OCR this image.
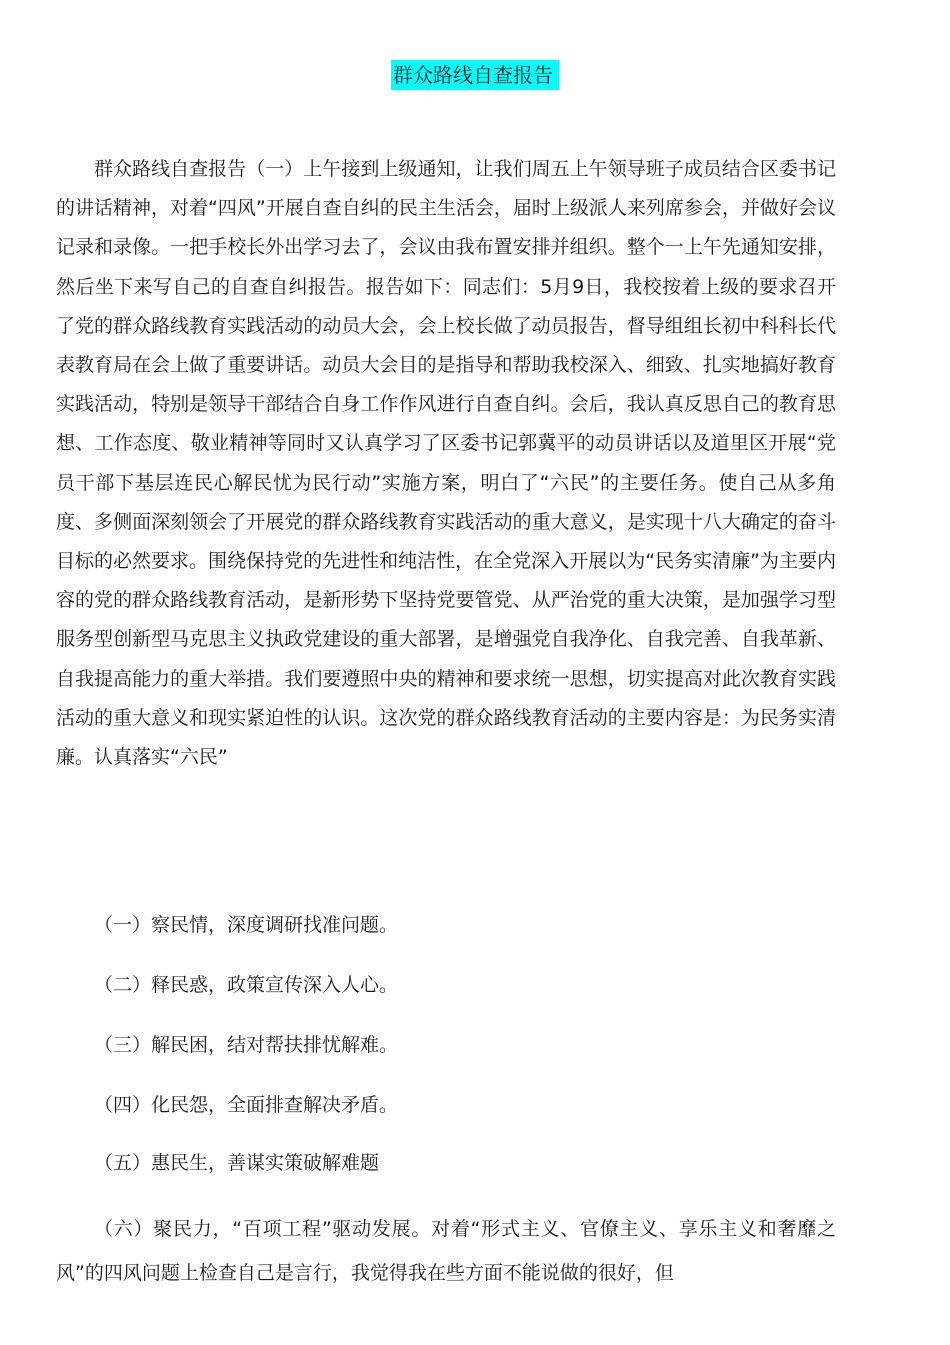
群众路线自查报告

群众路线自查报告（一）上午接到上级通知，让我们周五上午领导班子成员结合区委书记的讲话精神，对着“四风”开展自查自纠的民主生活会，届时上级派人来列席参会，并做好会议记录和录像。一把手校长外出学习去了，会议由我布置安排并组织。整个一上午先通知安排，然后坐下来写自己的自查自纠报告。报告如下：同志们：5月9日，我校按着上级的要求召开了党的群众路线教育实践活动的动员大会，会上校长做了动员报告，督导组组长初中科科长代表教育局在会上做了重要讲话。动员大会目的是指导和帮助我校深入、细致、扎实地搞好教育实践活动，特别是领导干部结合自身工作作风进行自查自纠。会后，我认真反思自己的教育思想、工作态度、敬业精神等同时又认真学习了区委书记郭冀平的动员讲话以及道里区开展“党员干部下基层连民心解民忧为民行动”实施方案，明白了“六民”的主要任务。使自己从多角度、多侧面深刻领会了开展党的群众路线教育实践活动的重大意义，是实现十八大确定的奋斗目标的必然要求。围绕保持党的先进性和纯洁性，在全党深入开展以为“民务实清廉”为主要内容的党的群众路线教育活动，是新形势下坚持党要管党、从严治党的重大决策，是加强学习型服务型创新型马克思主义执政党建设的重大部署，是增强党自我净化、自我完善、自我革新、自我提高能力的重大举措。我们要遵照中央的精神和要求统一思想，切实提高对此次教育实践活动的重大意义和现实紧迫性的认识。这次党的群众路线教育活动的主要内容是：为民务实清廉。认真落实“六民”

（一）察民情，深度调研找准问题。

（二）释民惑，政策宣传深入人心。

（三）解民困，结对帮扶排忧解难。

（四）化民怨，全面排查解决矛盾。

（五）惠民生，善谋实策破解难题

（六）聚民力，“百项工程”驱动发展。对着“形式主义、官僚主义、享乐主义和奢靡之风”的四风问题上检查自己是言行，我觉得我在些方面不能说做的很好，但
